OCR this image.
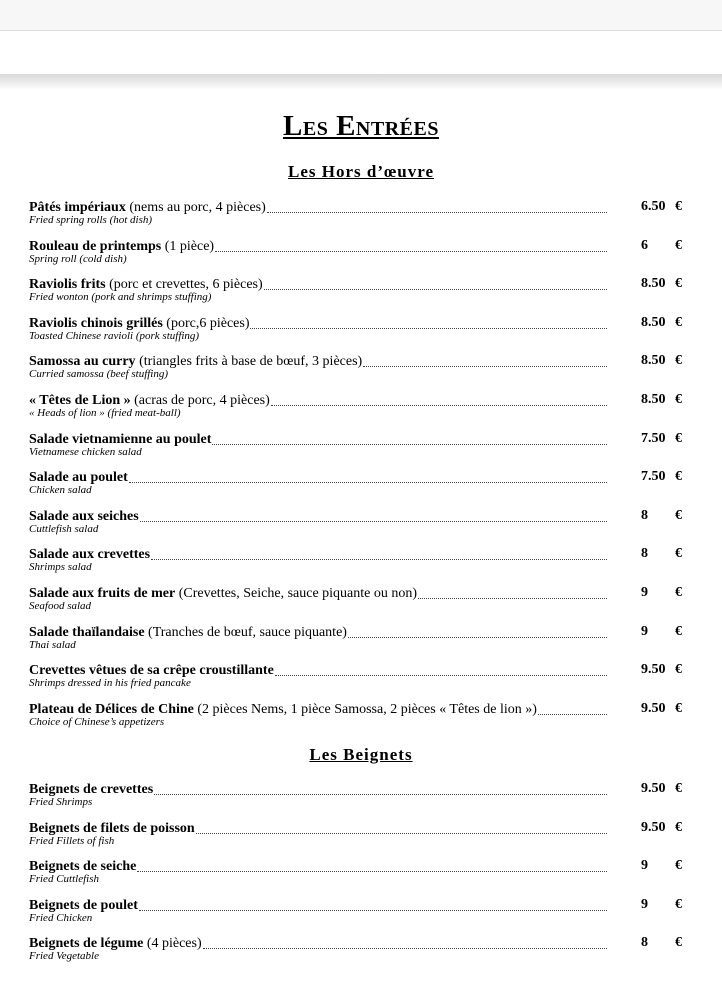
Les Entrées
Les Hors d’œuvre
Pâtés impériaux (nems au porc, 4 pièces)
Fried spring rolls (hot dish)
6.50 €
Rouleau de printemps (1 pièce)
Spring roll (cold dish)
6	€
Raviolis frits (porc et crevettes, 6 pièces)
Fried wonton (pork and shrimps stuffing)
8.50 €
Raviolis chinois grillés (porc,6 pièces)
Toasted Chinese ravioli (pork stuffing)
8.50 €
Samossa au curry (triangles frits à base de bœuf, 3 pièces)
Curried samossa (beef stuffing)
8.50 €
« Têtes de Lion » (acras de porc, 4 pièces)
« Heads of lion » (fried meat-ball)
8.50 €
Salade vietnamienne au poulet
Vietnamese chicken salad
7.50 €
Salade au poulet
Chicken salad
7.50 €
Salade aux seiches
Cuttlefish salad
8	€
Salade aux crevettes
Shrimps salad
8	€
Salade aux fruits de mer (Crevettes, Seiche, sauce piquante ou non)
Seafood salad
9	€
Salade thaïlandaise (Tranches de bœuf, sauce piquante)
Thai salad
9	€
Crevettes vêtues de sa crêpe croustillante
Shrimps dressed in his fried pancake
9.50 €
Plateau de Délices de Chine (2 pièces Nems, 1 pièce Samossa, 2 pièces « Têtes de lion »)
Choice of Chinese’s appetizers
9.50 €
Les Beignets
Beignets de crevettes
Fried Shrimps
9.50 €
Beignets de filets de poisson
Fried Fillets of fish
9.50 €
Beignets de seiche
Fried Cuttlefish
9	€
Beignets de poulet
Fried Chicken
9	€
Beignets de légume (4 pièces)
Fried Vegetable
8	€
